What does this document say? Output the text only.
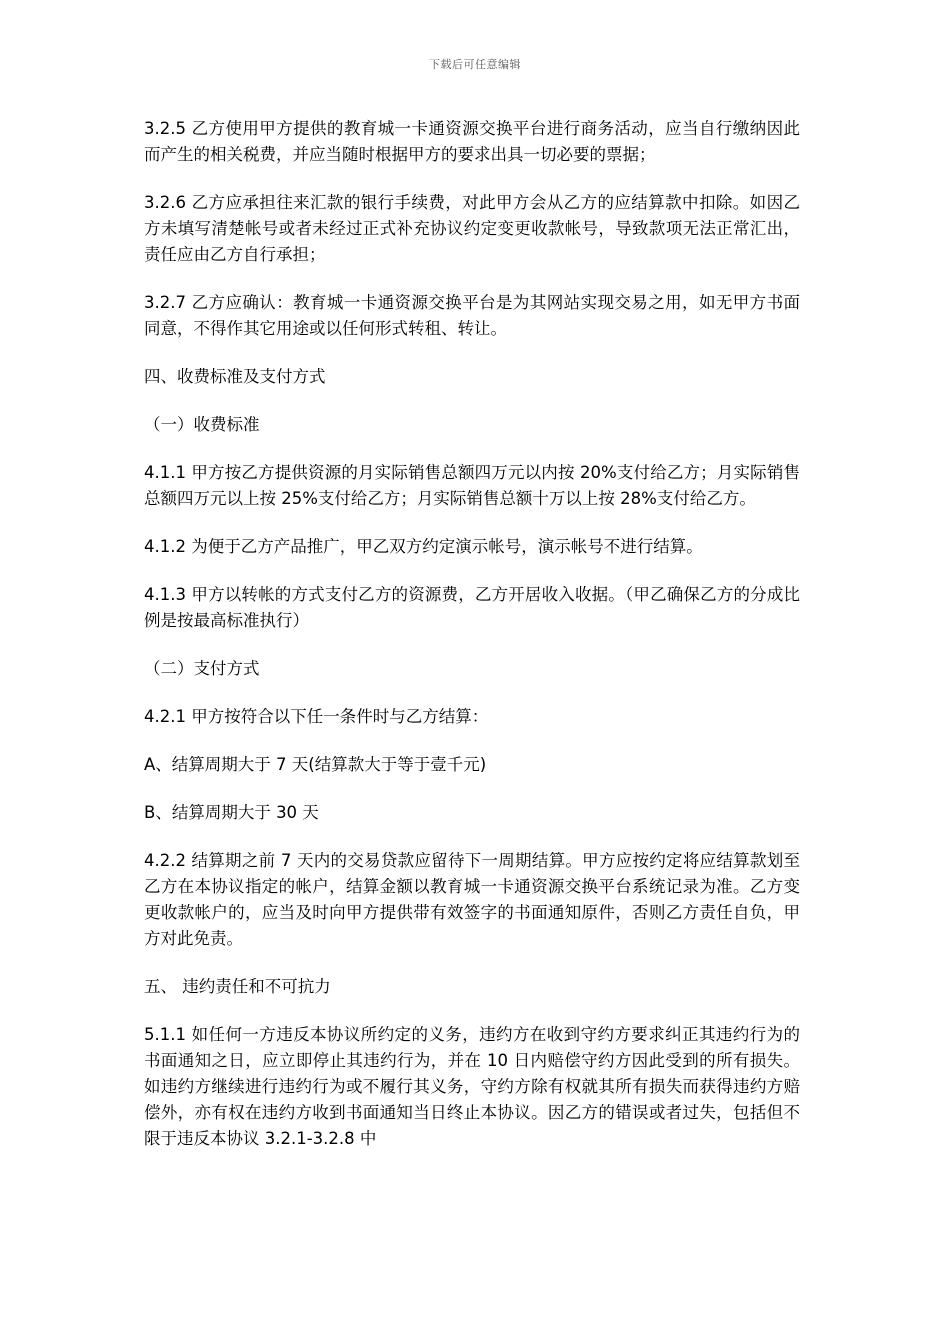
下载后可任意编辑

3.2.5 乙方使用甲方提供的教育城一卡通资源交换平台进行商务活动，应当自行缴纳因此而产生的相关税费，并应当随时根据甲方的要求出具一切必要的票据；

3.2.6 乙方应承担往来汇款的银行手续费，对此甲方会从乙方的应结算款中扣除。如因乙方未填写清楚帐号或者未经过正式补充协议约定变更收款帐号，导致款项无法正常汇出，责任应由乙方自行承担；

3.2.7 乙方应确认：教育城一卡通资源交换平台是为其网站实现交易之用，如无甲方书面同意，不得作其它用途或以任何形式转租、转让。

四、收费标准及支付方式

（一）收费标准

4.1.1 甲方按乙方提供资源的月实际销售总额四万元以内按 20%支付给乙方；月实际销售总额四万元以上按 25%支付给乙方；月实际销售总额十万以上按 28%支付给乙方。

4.1.2 为便于乙方产品推广，甲乙双方约定演示帐号，演示帐号不进行结算。

4.1.3 甲方以转帐的方式支付乙方的资源费，乙方开居收入收据。（甲乙确保乙方的分成比例是按最高标准执行）

（二）支付方式

4.2.1 甲方按符合以下任一条件时与乙方结算：

A、结算周期大于 7 天(结算款大于等于壹千元)

B、结算周期大于 30 天

4.2.2 结算期之前 7 天内的交易贷款应留待下一周期结算。甲方应按约定将应结算款划至乙方在本协议指定的帐户，结算金额以教育城一卡通资源交换平台系统记录为准。乙方变更收款帐户的，应当及时向甲方提供带有效签字的书面通知原件，否则乙方责任自负，甲方对此免责。

五、 违约责任和不可抗力

5.1.1 如任何一方违反本协议所约定的义务，违约方在收到守约方要求纠正其违约行为的书面通知之日，应立即停止其违约行为，并在 10 日内赔偿守约方因此受到的所有损失。如违约方继续进行违约行为或不履行其义务，守约方除有权就其所有损失而获得违约方赔偿外，亦有权在违约方收到书面通知当日终止本协议。因乙方的错误或者过失，包括但不限于违反本协议 3.2.1-3.2.8 中
